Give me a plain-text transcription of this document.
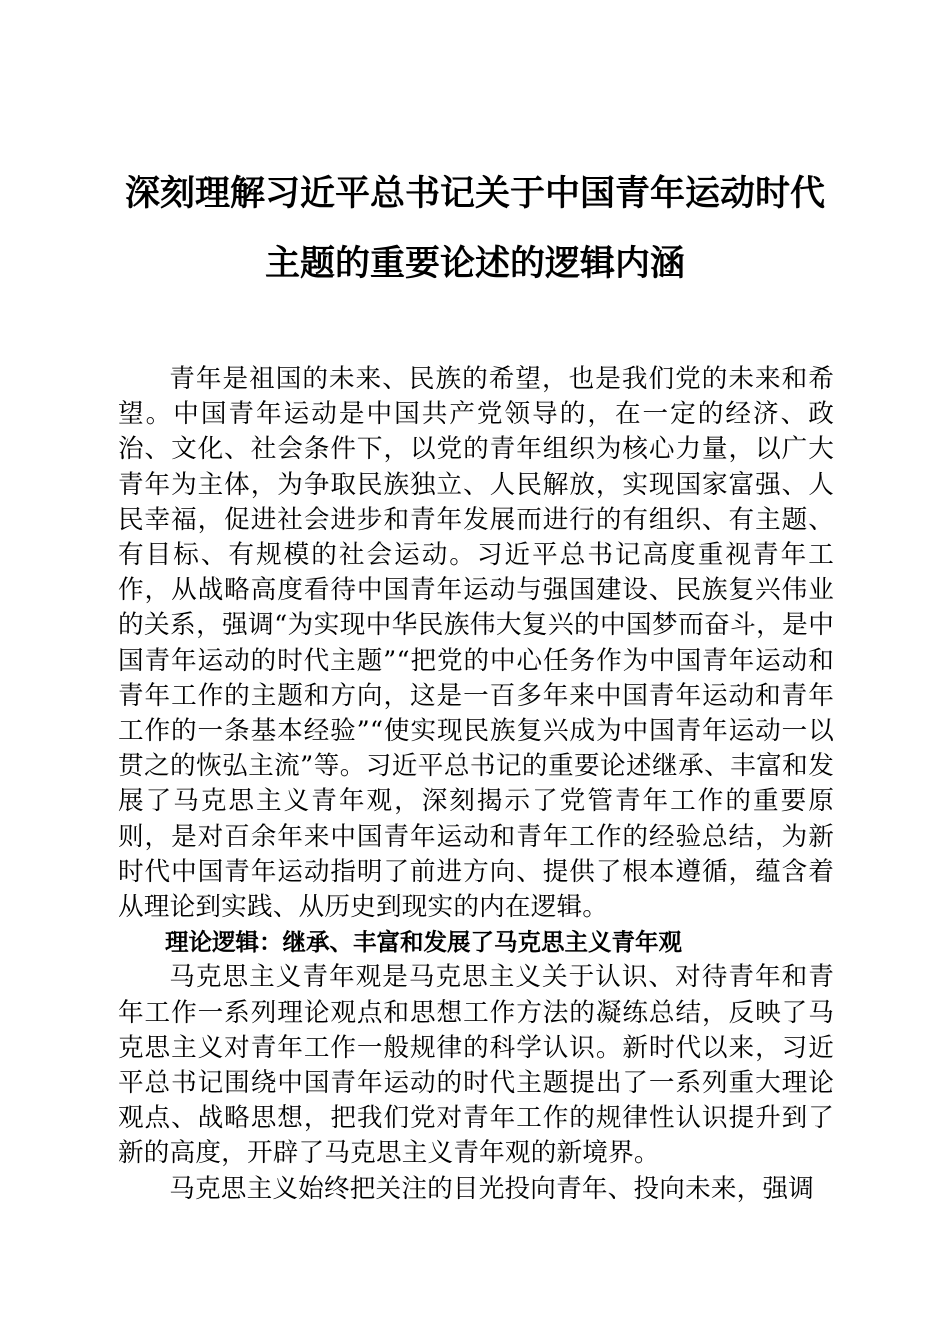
深刻理解习近平总书记关于中国青年运动时代
主题的重要论述的逻辑内涵

青年是祖国的未来、民族的希望，也是我们党的未来和希望。中国青年运动是中国共产党领导的，在一定的经济、政治、文化、社会条件下，以党的青年组织为核心力量，以广大青年为主体，为争取民族独立、人民解放，实现国家富强、人民幸福，促进社会进步和青年发展而进行的有组织、有主题、有目标、有规模的社会运动。习近平总书记高度重视青年工作，从战略高度看待中国青年运动与强国建设、民族复兴伟业的关系，强调“为实现中华民族伟大复兴的中国梦而奋斗，是中国青年运动的时代主题”“把党的中心任务作为中国青年运动和青年工作的主题和方向，这是一百多年来中国青年运动和青年工作的一条基本经验”“使实现民族复兴成为中国青年运动一以贯之的恢弘主流”等。习近平总书记的重要论述继承、丰富和发展了马克思主义青年观，深刻揭示了党管青年工作的重要原则，是对百余年来中国青年运动和青年工作的经验总结，为新时代中国青年运动指明了前进方向、提供了根本遵循，蕴含着从理论到实践、从历史到现实的内在逻辑。

理论逻辑：继承、丰富和发展了马克思主义青年观

马克思主义青年观是马克思主义关于认识、对待青年和青年工作一系列理论观点和思想工作方法的凝练总结，反映了马克思主义对青年工作一般规律的科学认识。新时代以来，习近平总书记围绕中国青年运动的时代主题提出了一系列重大理论观点、战略思想，把我们党对青年工作的规律性认识提升到了新的高度，开辟了马克思主义青年观的新境界。

马克思主义始终把关注的目光投向青年、投向未来，强调
